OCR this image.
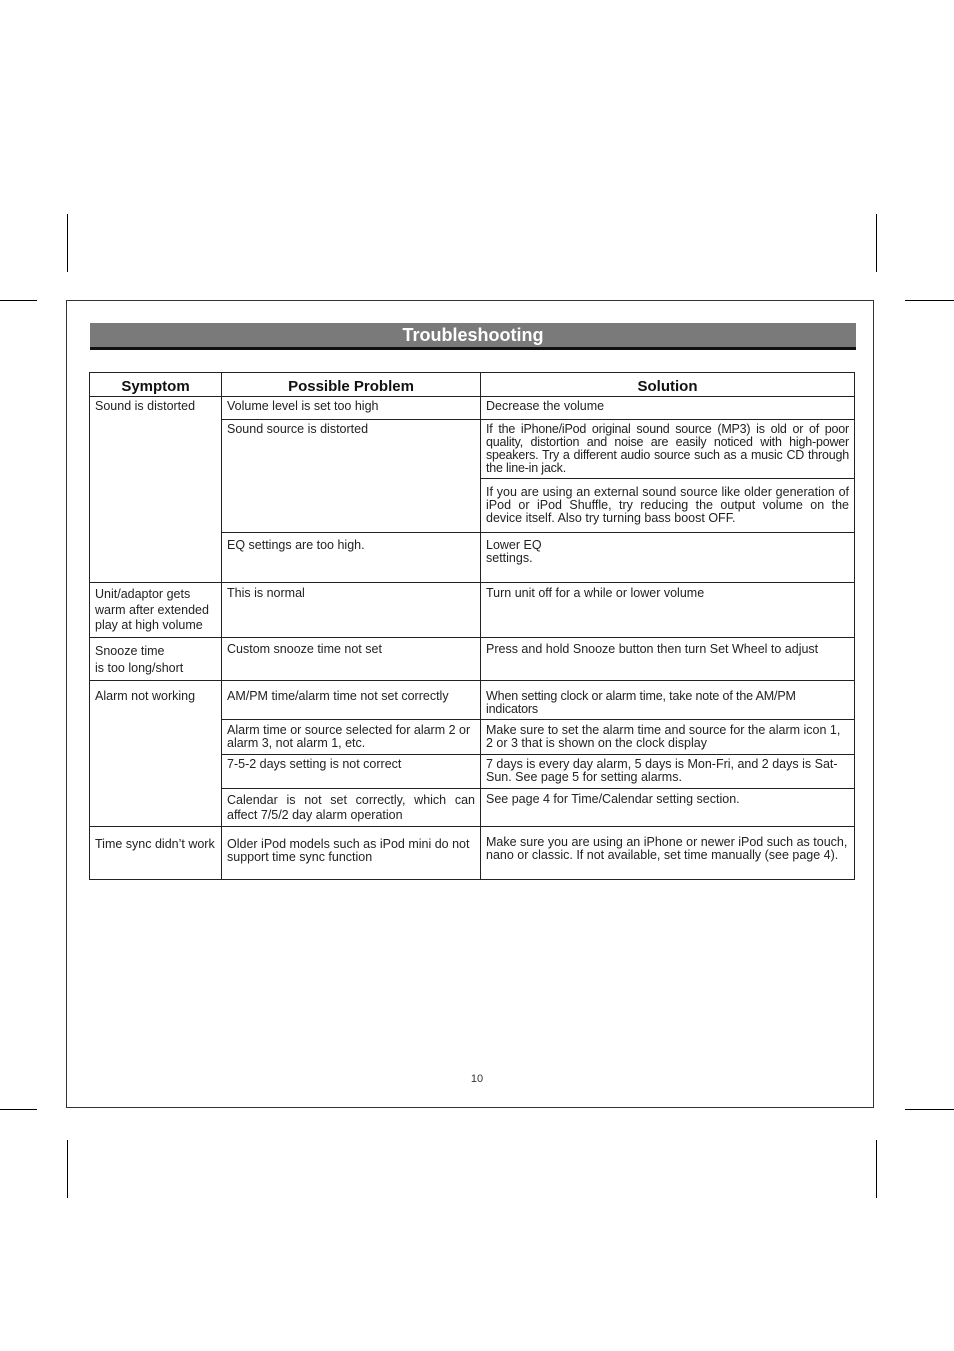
Troubleshooting
Symptom	Possible Problem	Solution
Sound is distorted	Volume level is set too high	Decrease the volume
	Sound source is distorted	If the iPhone/iPod original sound source (MP3) is old or of poor quality, distortion and noise are easily noticed with high-power speakers. Try a different audio source such as a music CD through the line-in jack.
		If you are using an external sound source like older generation of iPod or iPod Shuffle, try reducing the output volume on the device itself. Also try turning bass boost OFF.
	EQ settings are too high.	Lower EQ
settings.
Unit/adaptor gets warm after extended play at high volume	This is normal	Turn unit off for a while or lower volume
Snooze time
is too long/short	Custom snooze time not set	Press and hold Snooze button then turn Set Wheel to adjust
Alarm not working	AM/PM time/alarm time not set correctly	When setting clock or alarm time, take note of the AM/PM indicators
	Alarm time or source selected for alarm 2 or alarm 3, not alarm 1, etc.	Make sure to set the alarm time and source for the alarm icon 1, 2 or 3 that is shown on the clock display
	7-5-2 days setting is not correct	7 days is every day alarm, 5 days is Mon-Fri, and 2 days is Sat-Sun. See page 5 for setting alarms.
	Calendar is not set correctly, which can affect 7/5/2 day alarm operation	See page 4 for Time/Calendar setting section.
Time sync didn’t work	Older iPod models such as iPod mini do not support time sync function	Make sure you are using an iPhone or newer iPod such as touch, nano or classic. If not available, set time manually (see page 4).
10
